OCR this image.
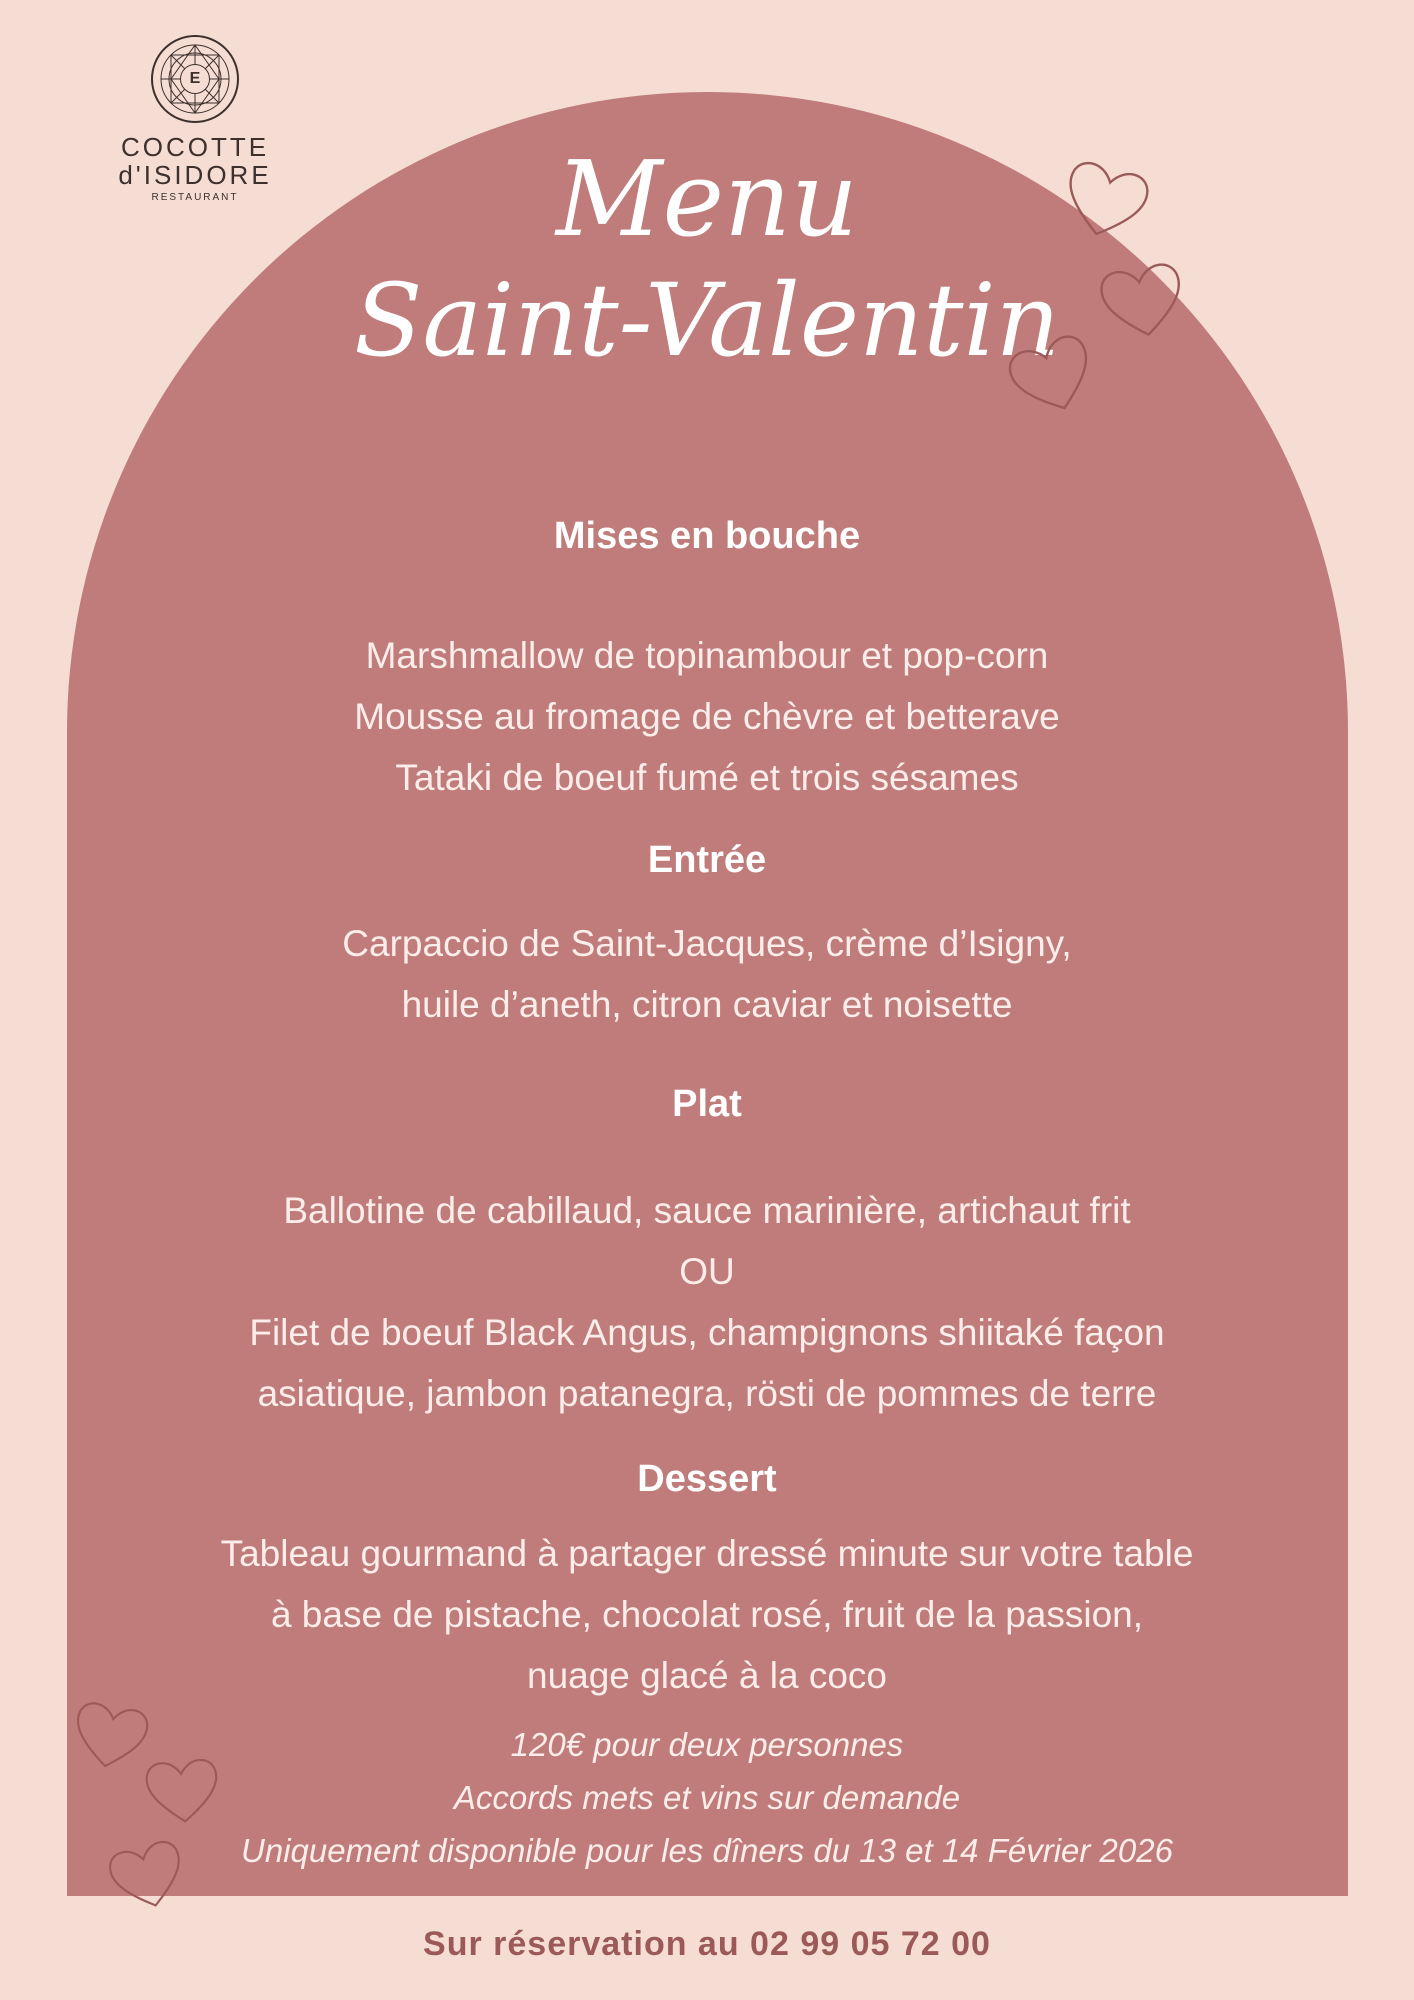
E
COCOTTE
d'ISIDORE
RESTAURANT	Menu
Saint-Valentin
Mises en bouche
Marshmallow de topinambour et pop-corn
Mousse au fromage de chèvre et betterave
Tataki de boeuf fumé et trois sésames
Entrée
Carpaccio de Saint-Jacques, crème d’Isigny,
huile d’aneth, citron caviar et noisette
Plat
Ballotine de cabillaud, sauce marinière, artichaut frit
OU
Filet de boeuf Black Angus, champignons shiitaké façon
asiatique, jambon patanegra, rösti de pommes de terre
Dessert
Tableau gourmand à partager dressé minute sur votre table
à base de pistache, chocolat rosé, fruit de la passion,
nuage glacé à la coco
120€ pour deux personnes
Accords mets et vins sur demande
Uniquement disponible pour les dîners du 13 et 14 Février 2026
Sur réservation au 02 99 05 72 00
